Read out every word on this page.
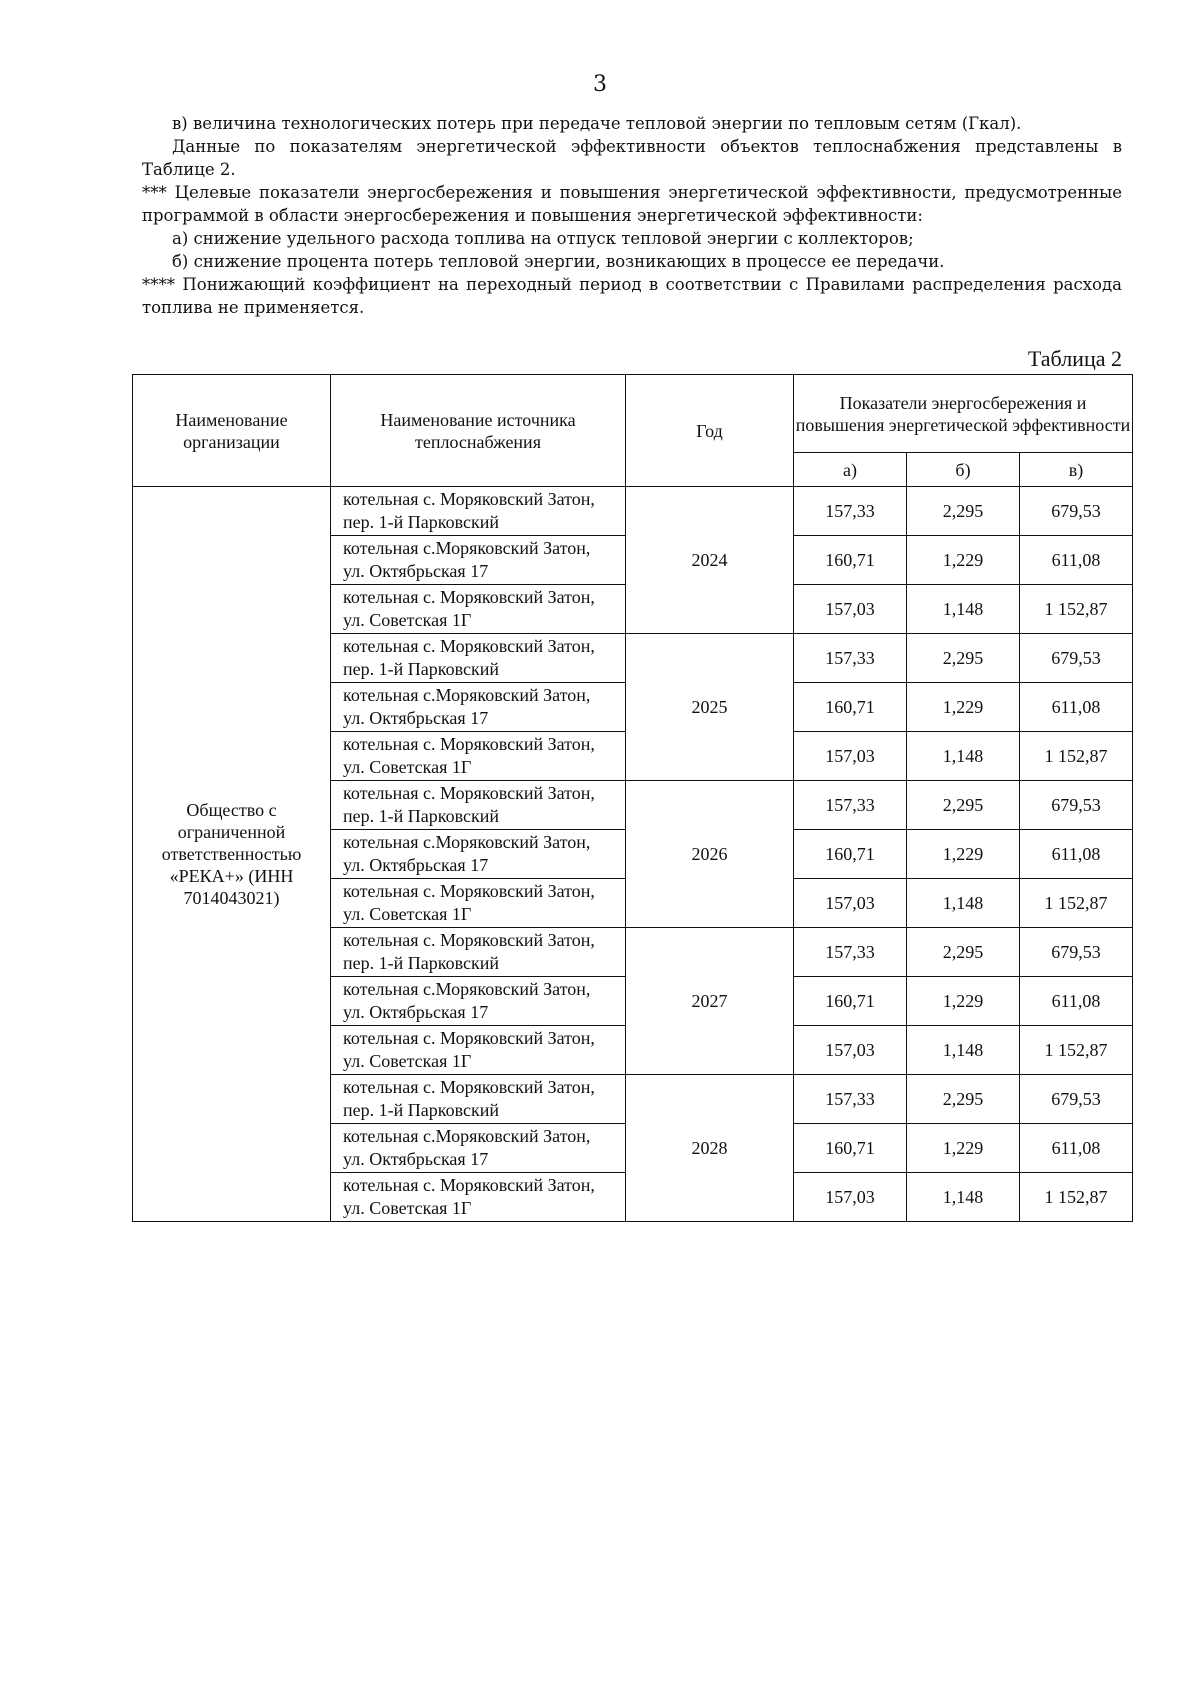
3

в) величина технологических потерь при передаче тепловой энергии по тепловым сетям (Гкал).

Данные по показателям энергетической эффективности объектов теплоснабжения представлены в Таблице 2.

*** Целевые показатели энергосбережения и повышения энергетической эффективности, предусмотренные программой в области энергосбережения и повышения энергетической эффективности:

а) снижение удельного расхода топлива на отпуск тепловой энергии с коллекторов;

б) снижение процента потерь тепловой энергии, возникающих в процессе ее передачи.

**** Понижающий коэффициент на переходный период в соответствии с Правилами распределения расхода топлива не применяется.

Таблица 2
Наименование организации	Наименование источника теплоснабжения	Год	Показатели энергосбережения и повышения энергетической эффективности		
			а)	б)	в)
Общество с ограниченной ответственностью «РЕКА+» (ИНН 7014043021)	котельная с. Моряковский Затон, пер. 1-й Парковский	2024	157,33	2,295	679,53
	котельная с.Моряковский Затон, ул. Октябрьская 17		160,71	1,229	611,08
	котельная с. Моряковский Затон, ул. Советская 1Г		157,03	1,148	1 152,87
	котельная с. Моряковский Затон, пер. 1-й Парковский	2025	157,33	2,295	679,53
	котельная с.Моряковский Затон, ул. Октябрьская 17		160,71	1,229	611,08
	котельная с. Моряковский Затон, ул. Советская 1Г		157,03	1,148	1 152,87
	котельная с. Моряковский Затон, пер. 1-й Парковский	2026	157,33	2,295	679,53
	котельная с.Моряковский Затон, ул. Октябрьская 17		160,71	1,229	611,08
	котельная с. Моряковский Затон, ул. Советская 1Г		157,03	1,148	1 152,87
	котельная с. Моряковский Затон, пер. 1-й Парковский	2027	157,33	2,295	679,53
	котельная с.Моряковский Затон, ул. Октябрьская 17		160,71	1,229	611,08
	котельная с. Моряковский Затон, ул. Советская 1Г		157,03	1,148	1 152,87
	котельная с. Моряковский Затон, пер. 1-й Парковский	2028	157,33	2,295	679,53
	котельная с.Моряковский Затон, ул. Октябрьская 17		160,71	1,229	611,08
	котельная с. Моряковский Затон, ул. Советская 1Г		157,03	1,148	1 152,87
